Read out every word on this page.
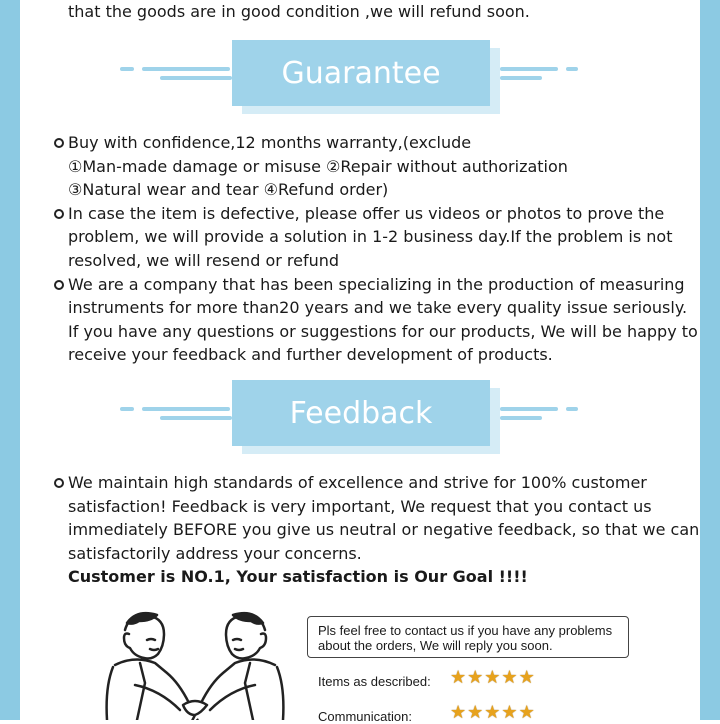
that the goods are in good condition ,we will refund soon.
Guarantee

Buy with confidence,12 months warranty,(exclude

①Man-made damage or misuse ②Repair without authorization

③Natural wear and tear ④Refund order)

In case the item is defective, please offer us videos or photos to prove the

problem, we will provide a solution in 1-2 business day.If the problem is not

resolved, we will resend or refund

We are a company that has been specializing in the production of measuring

instruments for more than20 years and we take every quality issue seriously.

If you have any questions or suggestions for our products, We will be happy to

receive your feedback and further development of products.

Feedback

We maintain high standards of excellence and strive for 100% customer

satisfaction! Feedback is very important, We request that you contact us

immediately BEFORE you give us neutral or negative feedback, so that we can

satisfactorily address your concerns.

Customer is NO.1, Your satisfaction is Our Goal !!!!

Pls feel free to contact us if you have any problems
about the orders, We will reply you soon.
Items as described: ★★★★★
Communication: ★★★★★
